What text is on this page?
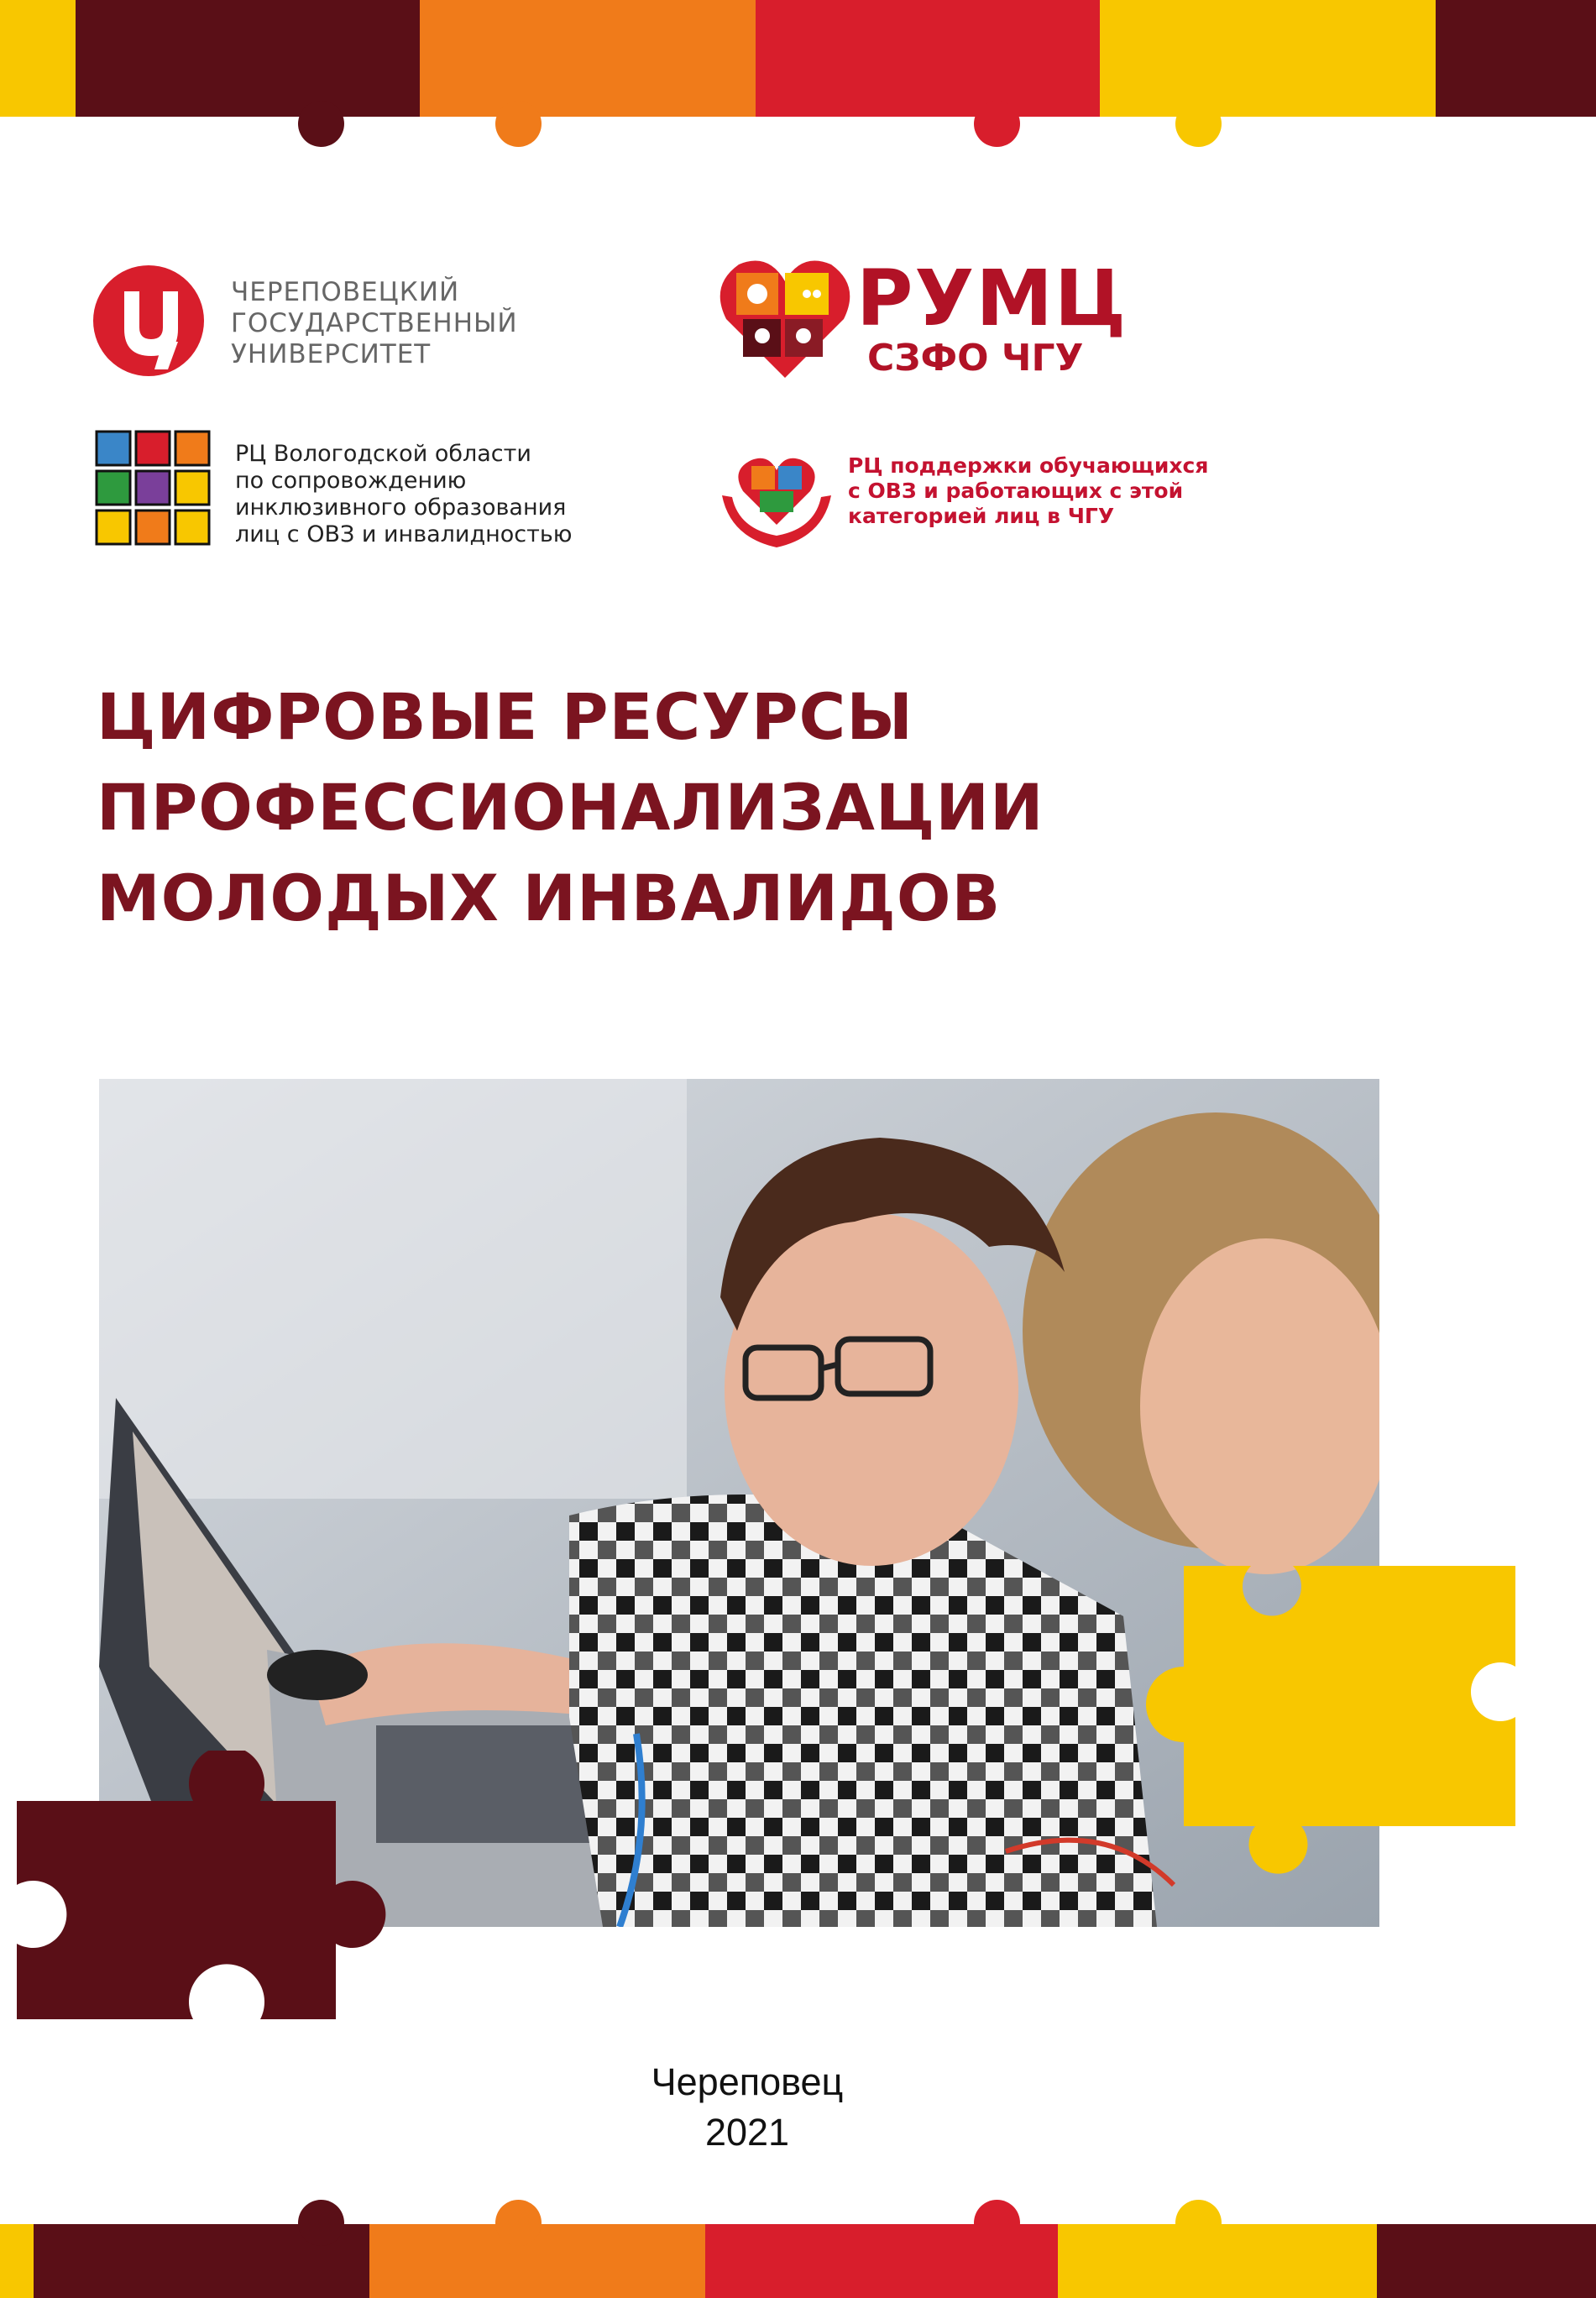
ЧЕРЕПОВЕЦКИЙ
ГОСУДАРСТВЕННЫЙ
УНИВЕРСИТЕТ
РУМЦ
СЗФО ЧГУ
РЦ Вологодской области
по сопровождению
инклюзивного образования
лиц с ОВЗ и инвалидностью
РЦ поддержки обучающихся
с ОВЗ и работающих с этой
категорией лиц в ЧГУ
ЦИФРОВЫЕ РЕСУРСЫ
ПРОФЕССИОНАЛИЗАЦИИ
МОЛОДЫХ ИНВАЛИДОВ
Череповец
2021
